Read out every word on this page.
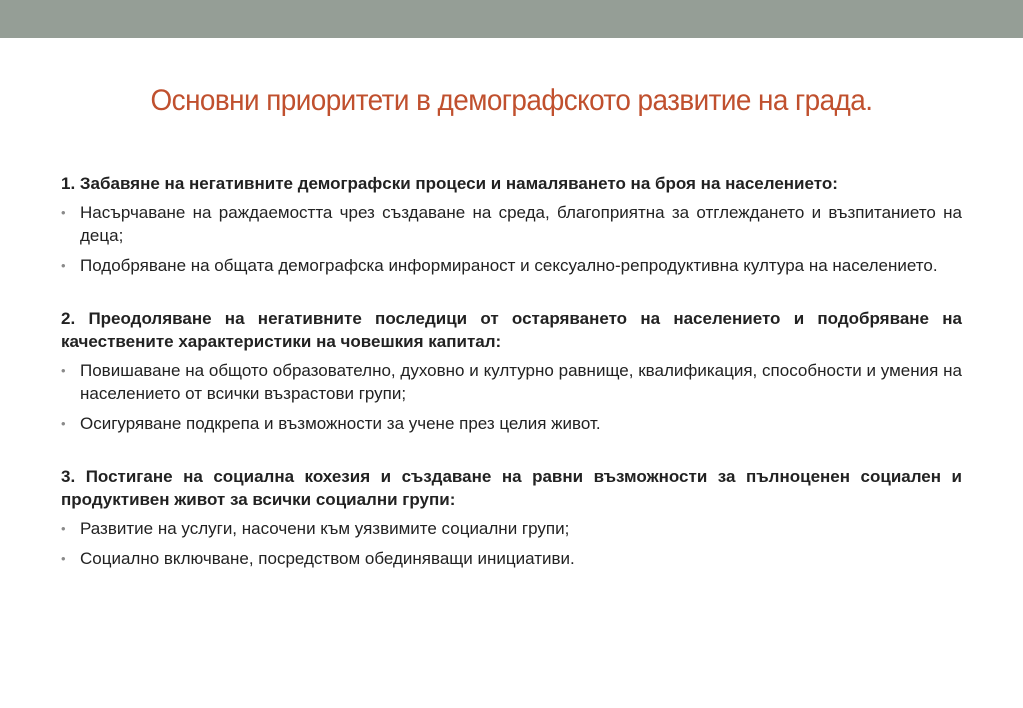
Основни приоритети в демографското развитие на града.
1. Забавяне на негативните демографски процеси и намаляването на броя на населението:
• Насърчаване на раждаемостта чрез създаване на среда, благоприятна за отглеждането и възпитанието на деца;
• Подобряване на общата демографска информираност и сексуално-репродуктивна култура на населението.
2. Преодоляване на негативните последици от остаряването на населението и подобряване на качествените характеристики на човешкия капитал:
• Повишаване на общото образователно, духовно и културно равнище, квалификация, способности и умения на населението от всички възрастови групи;
• Осигуряване подкрепа и възможности за учене през целия живот.
3. Постигане на социална кохезия и създаване на равни възможности за пълноценен социален и продуктивен живот за всички социални групи:
• Развитие на услуги, насочени към уязвимите социални групи;
• Социално включване, посредством обединяващи инициативи.
